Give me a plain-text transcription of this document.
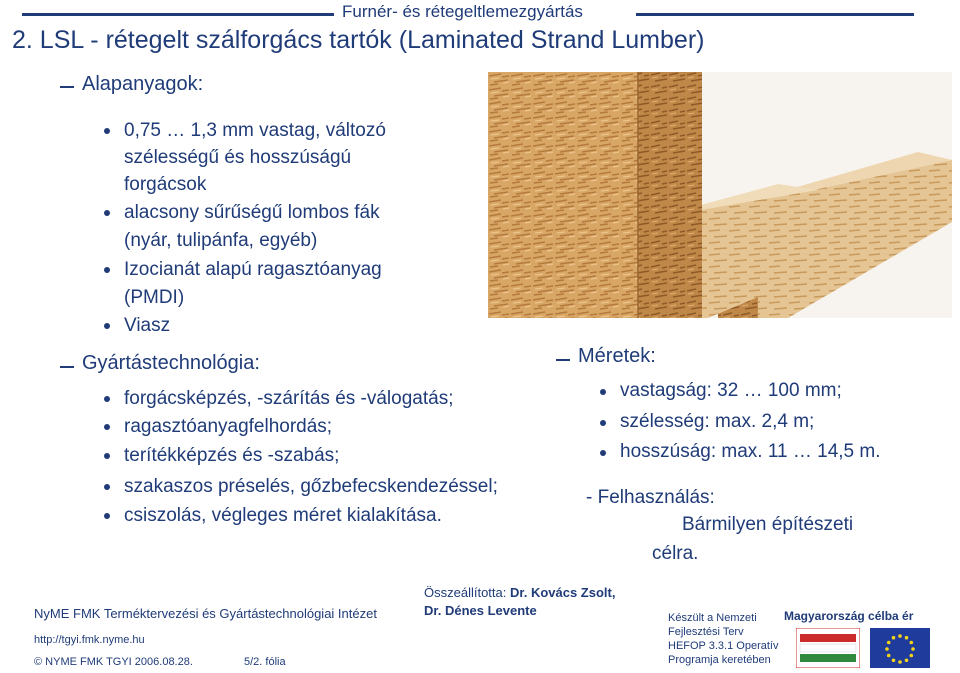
Furnér- és rétegeltlemezgyártás
2. LSL - rétegelt szálforgács tartók (Laminated Strand Lumber)
Alapanyagok:
0,75 … 1,3 mm vastag, változó
szélességű és hosszúságú
forgácsok
alacsony sűrűségű lombos fák
(nyár, tulipánfa, egyéb)
Izocianát alapú ragasztóanyag
(PMDI)
Viasz
Gyártástechnológia:
forgácsképzés, -szárítás és -válogatás;
ragasztóanyagfelhordás;
terítékképzés és -szabás;
szakaszos préselés, gőzbefecskendezéssel;
csiszolás, végleges méret kialakítása.
Méretek:
vastagság: 32 … 100 mm;
szélesség: max. 2,4 m;
hosszúság: max. 11 … 14,5 m.
- Felhasználás:
Bármilyen építészeti
célra.
Összeállította: Dr. Kovács Zsolt,
Dr. Dénes Levente
NyME FMK Terméktervezési és Gyártástechnológiai Intézet
http://tgyi.fmk.nyme.hu
© NYME FMK TGYI 2006.08.28.	5/2. fólia
Készült a Nemzeti
Fejlesztési Terv
HEFOP 3.3.1 Operatív
Programja keretében
Magyarország célba ér
